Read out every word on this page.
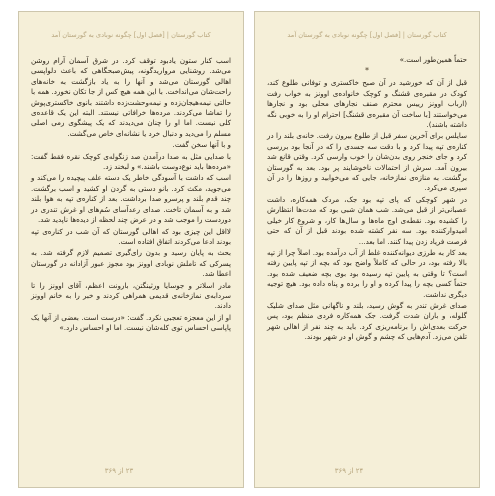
کتاب گورستان | [فصل اول] چگونه نوبادی به گورستان آمد

اسب کنار ستون یادبود توقف کرد. در شرق آسمان آرام روشن می‌شد. روشنایی مرواریدگونه، پیش‌صبحگاهی که باعث دلواپسی اهالی گورستان می‌شد و آنها را به یاد بازگشت به خانه‌های راحت‌شان می‌انداخت. با این همه هیچ کس از جا تکان نخورد. همه با حالتی نیمه‌هیجان‌زده و نیمه‌وحشت‌زده داشتند بانوی خاکستری‌پوش را تماشا می‌کردند. مرده‌ها خرافاتی نیستند. البته این یک قاعده‌ی کلی نیست. اما او را چنان می‌دیدند که یک پیشگوی رمی اصلی مسلم را می‌دید و دنبال خرد یا نشانه‌ای خاص می‌گشت.

و با آنها سخن گفت.

با صدایی مثل به صدا درآمدن صد زنگوله‌ی کوچک نقره فقط گفت: «مرده‌ها باید نوع‌دوست باشند.» و لبخند زد.

اسب که داشت با آسودگی خاطر یک دسته علف پیچیده را می‌کند و می‌جوید، مکث کرد. بانو دستی به گردن او کشید و اسب برگشت. چند قدم بلند و پرسرو صدا برداشت. بعد از کناره‌ی تپه به هوا بلند شد و به آسمان تاخت. صدای رعدآسای سُم‌های او غرش تندری در دوردست را موجب شد و در عرض چند لحظه از دیده‌ها ناپدید شد.

لااقل این چیزی بود که اهالی گورستان که آن شب در کناره‌ی تپه بودند ادعا می‌کردند اتفاق افتاده است.

بحث به پایان رسید و بدون رای‌گیری تصمیم لازم گرفته شد. به پسرکی که تاملش نوبادی اوونز بود مجوز عبور آزادانه در گورستان اعطا شد.

مادر اسلاتر و جوسایا ورثینگتن، بارونت اعظم، آقای اوونز را تا سردابه‌ی نمازخانه‌ی قدیمی همراهی کردند و خبر را به خانم اوونز دادند.

او از این معجزه تعجبی نکرد. گفت: «درست است. بعضی از آنها یک پاپاسی احساس توی کله‌شان نیست. اما او احساس دارد.»

۲۳ از ۳۶۹
کتاب گورستان | [فصل اول] چگونه نوبادی به گورستان آمد

حتماً همین‌طور است.»

*

قبل از آن که خورشید در آن صبح خاکستری و توفانی طلوع کند، کودک در مقبره‌ی قشنگ و کوچک خانواده‌ی اوونز به خواب رفت (ارباب اوونز رییس محترم صنف نجارهای محلی بود و نجارها می‌خواستند [با ساخت آن مقبره‌ی قشنگ] احترام او را به خوبی نگه داشته باشند).

سایلس برای آخرین سفر قبل از طلوع بیرون رفت. خانه‌ی بلند را در کناره‌ی تپه پیدا کرد و با دقت سه جسدی را که در آنجا بود بررسی کرد و جای خنجر روی بدن‌شان را خوب وارسی کرد. وقتی قانع شد بیرون آمد. سرش از احتمالات ناخوشایند پر بود. بعد به گورستان برگشت. به منازه‌ی نمازخانه، جایی که می‌خوابید و روزها را در آن سپری می‌کرد.

در شهر کوچکی که پای تپه بود جک، مردک همه‌کاره، داشت عصبانی‌تر از قبل می‌شد. شب همان شبی بود که مدت‌ها انتظارش را کشیده بود. نقطه‌ی اوج ماه‌ها و سال‌ها کار، و شروع کار خیلی امیدوارکننده بود. سه نفر کشته شده بودند قبل از آن که حتی فرصت فریاد زدن پیدا کنند. اما بعد...

بعد کار به طرزی دیوانه‌کننده غلط از آب درآمده بود. اصلاً چرا از تپه بالا رفته بود، در حالی که کاملاً واضح بود که بچه از تپه پایین رفته است؟ تا وقتی به پایین تپه رسیده بود بوی بچه ضعیف شده بود. حتماً کسی بچه را پیدا کرده و او را برده و پناه داده بود. هیچ توجیه دیگری نداشت.

صدای غرش تندر به گوش رسید، بلند و ناگهانی مثل صدای شلیک گلوله، و باران شدت گرفت. جک همه‌کاره فردی منظم بود، پس حرکت بعدی‌اش را برنامه‌ریزی کرد. باید به چند نفر از اهالی شهر تلفن می‌زد. آدم‌هایی که چشم و گوش او در شهر بودند.

۲۴ از ۳۶۹
